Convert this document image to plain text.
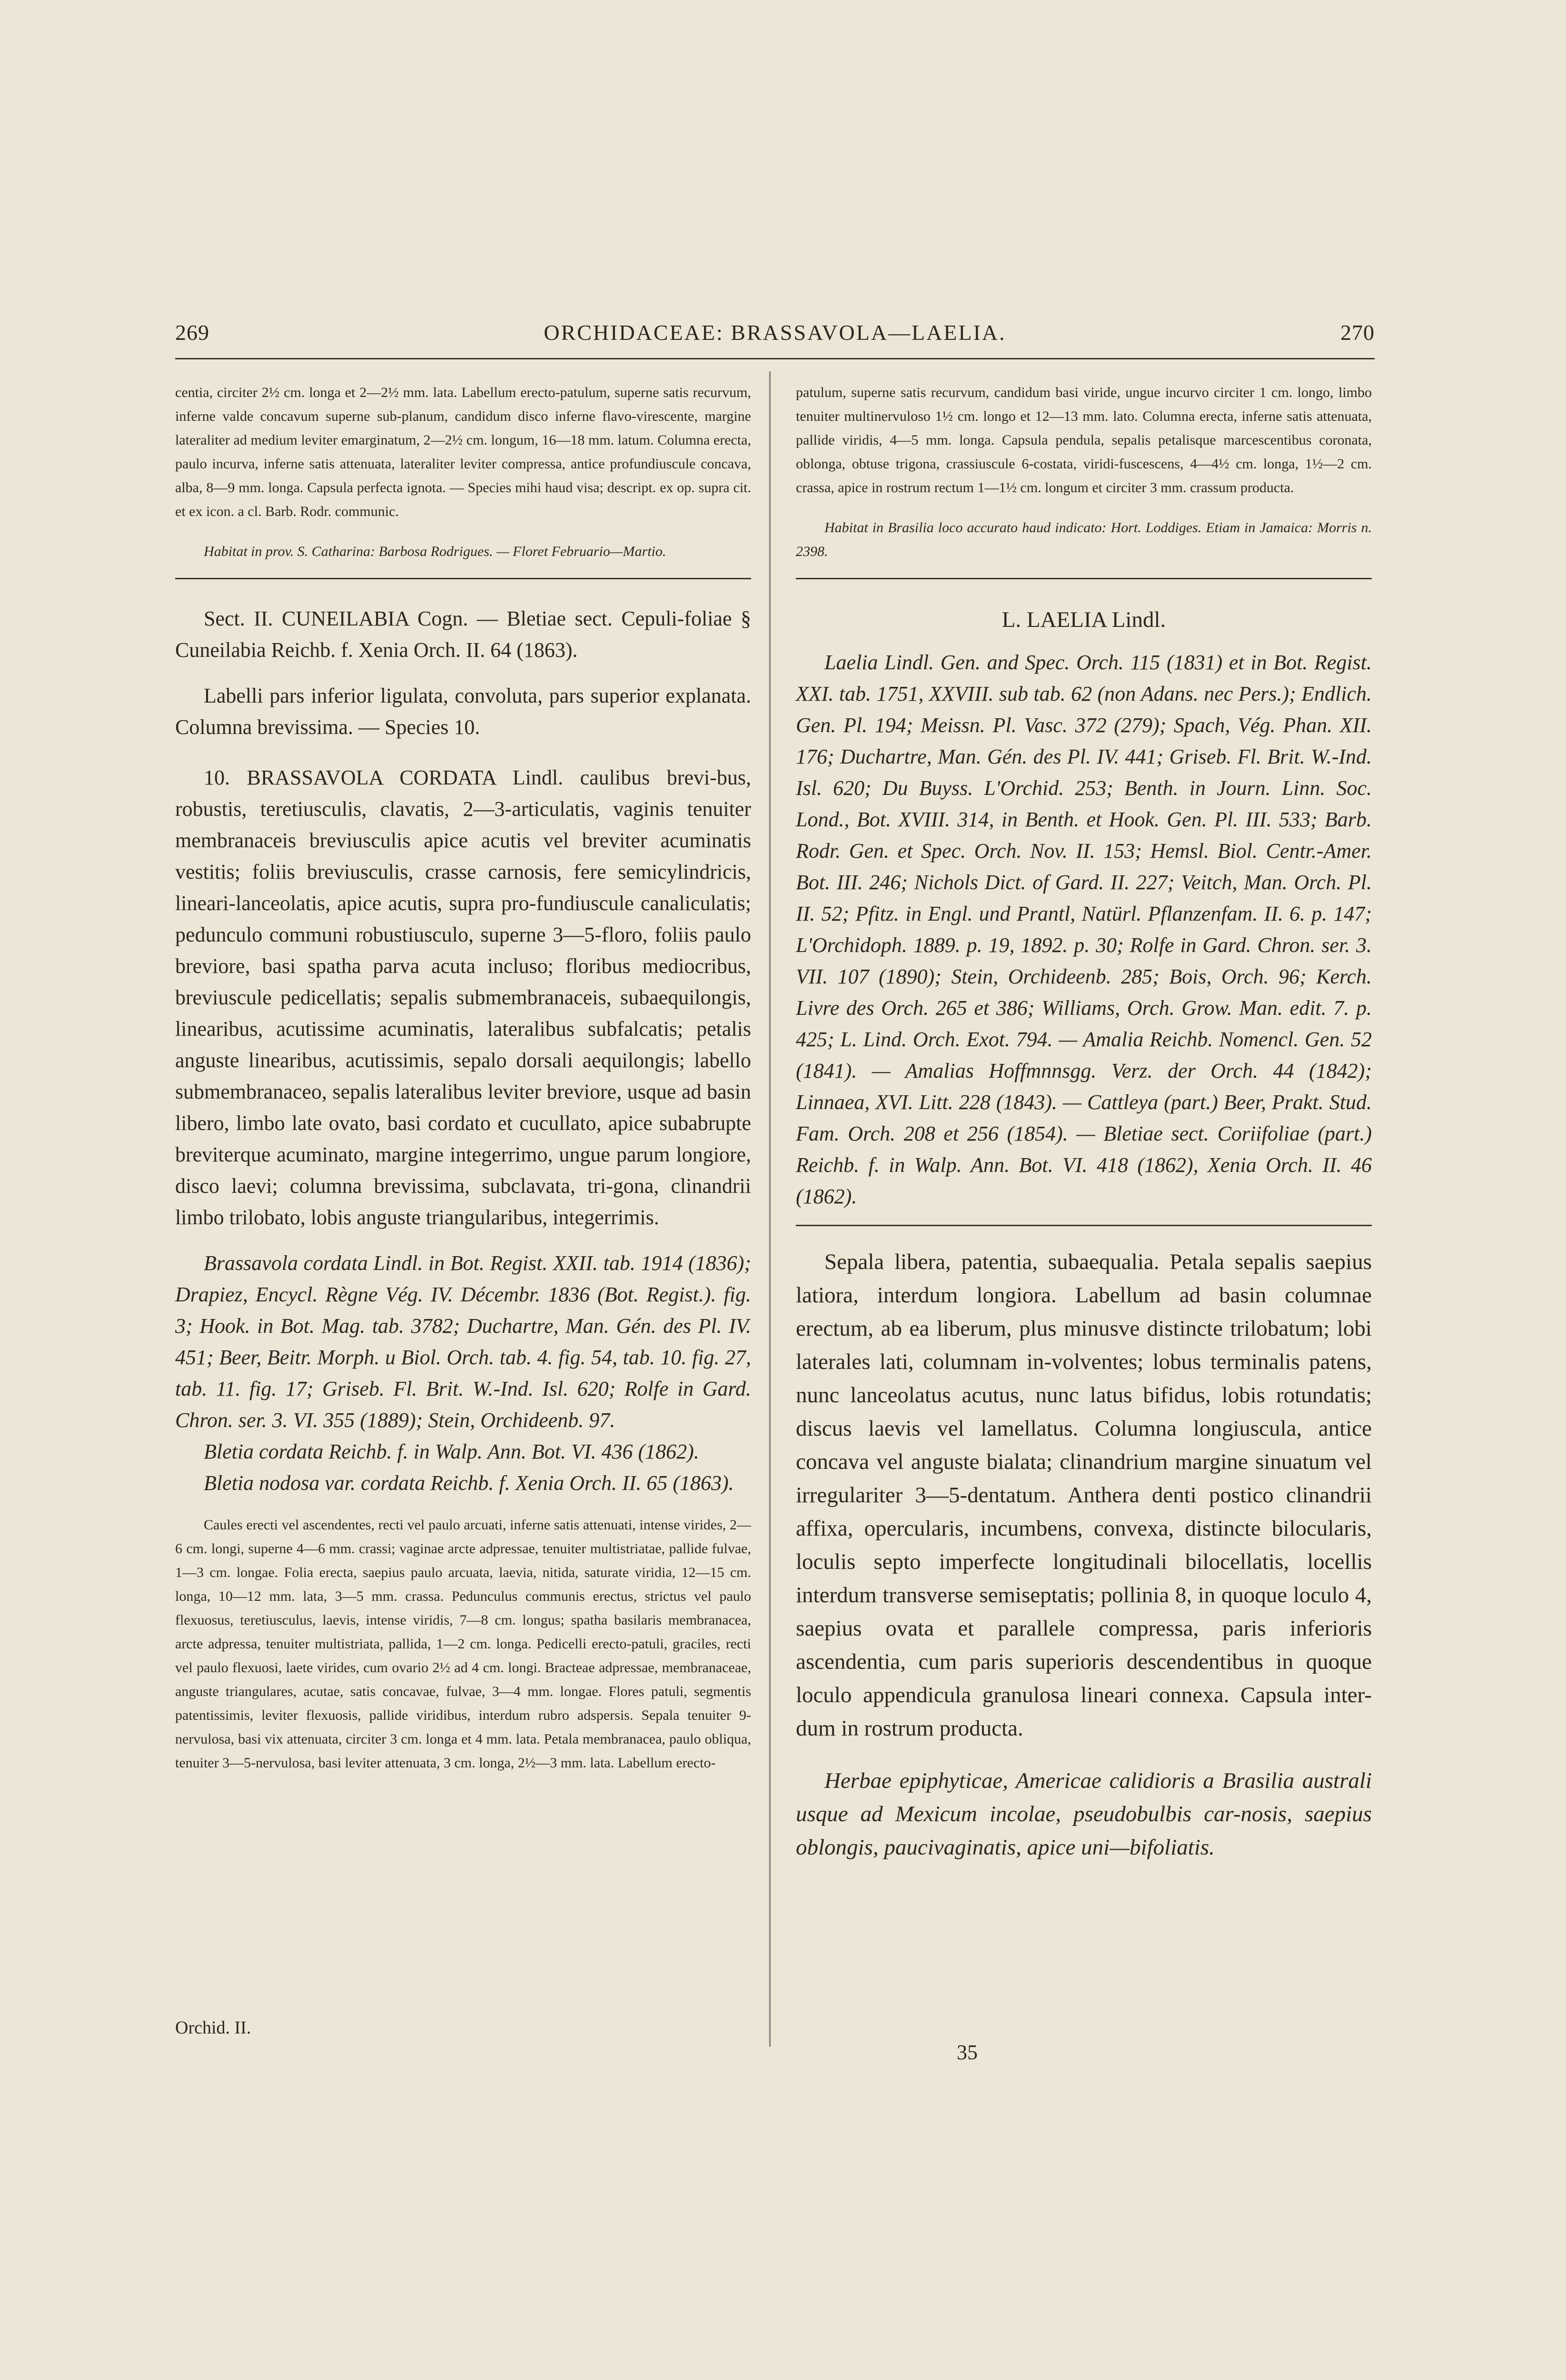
269	ORCHIDACEAE: BRASSAVOLA—LAELIA.	270

centia, circiter 2½ cm. longa et 2—2½ mm. lata. Labellum erecto-patulum, superne satis recurvum, inferne valde concavum superne sub-planum, candidum disco inferne flavo-virescente, margine lateraliter ad medium leviter emarginatum, 2—2½ cm. longum, 16—18 mm. latum. Columna erecta, paulo incurva, inferne satis attenuata, lateraliter leviter compressa, antice profundiuscule concava, alba, 8—9 mm. longa. Capsula perfecta ignota. — Species mihi haud visa; descript. ex op. supra cit. et ex icon. a cl. Barb. Rodr. communic.

Habitat in prov. S. Catharina: Barbosa Rodrigues. — Floret Februario—Martio.

Sect. II. CUNEILABIA Cogn. — Bletiae sect. Cepuli-foliae § Cuneilabia Reichb. f. Xenia Orch. II. 64 (1863).

Labelli pars inferior ligulata, convoluta, pars superior explanata. Columna brevissima. — Species 10.

10. BRASSAVOLA CORDATA Lindl. caulibus brevi-bus, robustis, teretiusculis, clavatis, 2—3-articulatis, vaginis tenuiter membranaceis breviusculis apice acutis vel breviter acuminatis vestitis; foliis breviusculis, crasse carnosis, fere semicylindricis, lineari-lanceolatis, apice acutis, supra pro-fundiuscule canaliculatis; pedunculo communi robustiusculo, superne 3—5-floro, foliis paulo breviore, basi spatha parva acuta incluso; floribus mediocribus, breviuscule pedicellatis; sepalis submembranaceis, subaequilongis, linearibus, acutissime acuminatis, lateralibus subfalcatis; petalis anguste linearibus, acutissimis, sepalo dorsali aequilongis; labello submembranaceo, sepalis lateralibus leviter breviore, usque ad basin libero, limbo late ovato, basi cordato et cucullato, apice subabrupte breviterque acuminato, margine integerrimo, ungue parum longiore, disco laevi; columna brevissima, subclavata, tri-gona, clinandrii limbo trilobato, lobis anguste triangularibus, integerrimis.

Brassavola cordata Lindl. in Bot. Regist. XXII. tab. 1914 (1836); Drapiez, Encycl. Règne Vég. IV. Décembr. 1836 (Bot. Regist.). fig. 3; Hook. in Bot. Mag. tab. 3782; Duchartre, Man. Gén. des Pl. IV. 451; Beer, Beitr. Morph. u Biol. Orch. tab. 4. fig. 54, tab. 10. fig. 27, tab. 11. fig. 17; Griseb. Fl. Brit. W.-Ind. Isl. 620; Rolfe in Gard. Chron. ser. 3. VI. 355 (1889); Stein, Orchideenb. 97.

Bletia cordata Reichb. f. in Walp. Ann. Bot. VI. 436 (1862).

Bletia nodosa var. cordata Reichb. f. Xenia Orch. II. 65 (1863).

Caules erecti vel ascendentes, recti vel paulo arcuati, inferne satis attenuati, intense virides, 2—6 cm. longi, superne 4—6 mm. crassi; vaginae arcte adpressae, tenuiter multistriatae, pallide fulvae, 1—3 cm. longae. Folia erecta, saepius paulo arcuata, laevia, nitida, saturate viridia, 12—15 cm. longa, 10—12 mm. lata, 3—5 mm. crassa. Pedunculus communis erectus, strictus vel paulo flexuosus, teretiusculus, laevis, intense viridis, 7—8 cm. longus; spatha basilaris membranacea, arcte adpressa, tenuiter multistriata, pallida, 1—2 cm. longa. Pedicelli erecto-patuli, graciles, recti vel paulo flexuosi, laete virides, cum ovario 2½ ad 4 cm. longi. Bracteae adpressae, membranaceae, anguste triangulares, acutae, satis concavae, fulvae, 3—4 mm. longae. Flores patuli, segmentis patentissimis, leviter flexuosis, pallide viridibus, interdum rubro adspersis. Sepala tenuiter 9-nervulosa, basi vix attenuata, circiter 3 cm. longa et 4 mm. lata. Petala membranacea, paulo obliqua, tenuiter 3—5-nervulosa, basi leviter attenuata, 3 cm. longa, 2½—3 mm. lata. Labellum erecto-

patulum, superne satis recurvum, candidum basi viride, ungue incurvo circiter 1 cm. longo, limbo tenuiter multinervuloso 1½ cm. longo et 12—13 mm. lato. Columna erecta, inferne satis attenuata, pallide viridis, 4—5 mm. longa. Capsula pendula, sepalis petalisque marcescentibus coronata, oblonga, obtuse trigona, crassiuscule 6-costata, viridi-fuscescens, 4—4½ cm. longa, 1½—2 cm. crassa, apice in rostrum rectum 1—1½ cm. longum et circiter 3 mm. crassum producta.

Habitat in Brasilia loco accurato haud indicato: Hort. Loddiges. Etiam in Jamaica: Morris n. 2398.

L. LAELIA Lindl.

Laelia Lindl. Gen. and Spec. Orch. 115 (1831) et in Bot. Regist. XXI. tab. 1751, XXVIII. sub tab. 62 (non Adans. nec Pers.); Endlich. Gen. Pl. 194; Meissn. Pl. Vasc. 372 (279); Spach, Vég. Phan. XII. 176; Duchartre, Man. Gén. des Pl. IV. 441; Griseb. Fl. Brit. W.-Ind. Isl. 620; Du Buyss. L'Orchid. 253; Benth. in Journ. Linn. Soc. Lond., Bot. XVIII. 314, in Benth. et Hook. Gen. Pl. III. 533; Barb. Rodr. Gen. et Spec. Orch. Nov. II. 153; Hemsl. Biol. Centr.-Amer. Bot. III. 246; Nichols Dict. of Gard. II. 227; Veitch, Man. Orch. Pl. II. 52; Pfitz. in Engl. und Prantl, Natürl. Pflanzenfam. II. 6. p. 147; L'Orchidoph. 1889. p. 19, 1892. p. 30; Rolfe in Gard. Chron. ser. 3. VII. 107 (1890); Stein, Orchideenb. 285; Bois, Orch. 96; Kerch. Livre des Orch. 265 et 386; Williams, Orch. Grow. Man. edit. 7. p. 425; L. Lind. Orch. Exot. 794. — Amalia Reichb. Nomencl. Gen. 52 (1841). — Amalias Hoffmnnsgg. Verz. der Orch. 44 (1842); Linnaea, XVI. Litt. 228 (1843). — Cattleya (part.) Beer, Prakt. Stud. Fam. Orch. 208 et 256 (1854). — Bletiae sect. Coriifoliae (part.) Reichb. f. in Walp. Ann. Bot. VI. 418 (1862), Xenia Orch. II. 46 (1862).

Sepala libera, patentia, subaequalia. Petala sepalis saepius latiora, interdum longiora. Labellum ad basin columnae erectum, ab ea liberum, plus minusve distincte trilobatum; lobi laterales lati, columnam in-volventes; lobus terminalis patens, nunc lanceolatus acutus, nunc latus bifidus, lobis rotundatis; discus laevis vel lamellatus. Columna longiuscula, antice concava vel anguste bialata; clinandrium margine sinuatum vel irregulariter 3—5-dentatum. Anthera denti postico clinandrii affixa, opercularis, incumbens, convexa, distincte bilocularis, loculis septo imperfecte longitudinali bilocellatis, locellis interdum transverse semiseptatis; pollinia 8, in quoque loculo 4, saepius ovata et parallele compressa, paris inferioris ascendentia, cum paris superioris descendentibus in quoque loculo appendicula granulosa lineari connexa. Capsula inter-dum in rostrum producta.

Herbae epiphyticae, Americae calidioris a Brasilia australi usque ad Mexicum incolae, pseudobulbis car-nosis, saepius oblongis, paucivaginatis, apice uni—bifoliatis.

Orchid. II.
35
